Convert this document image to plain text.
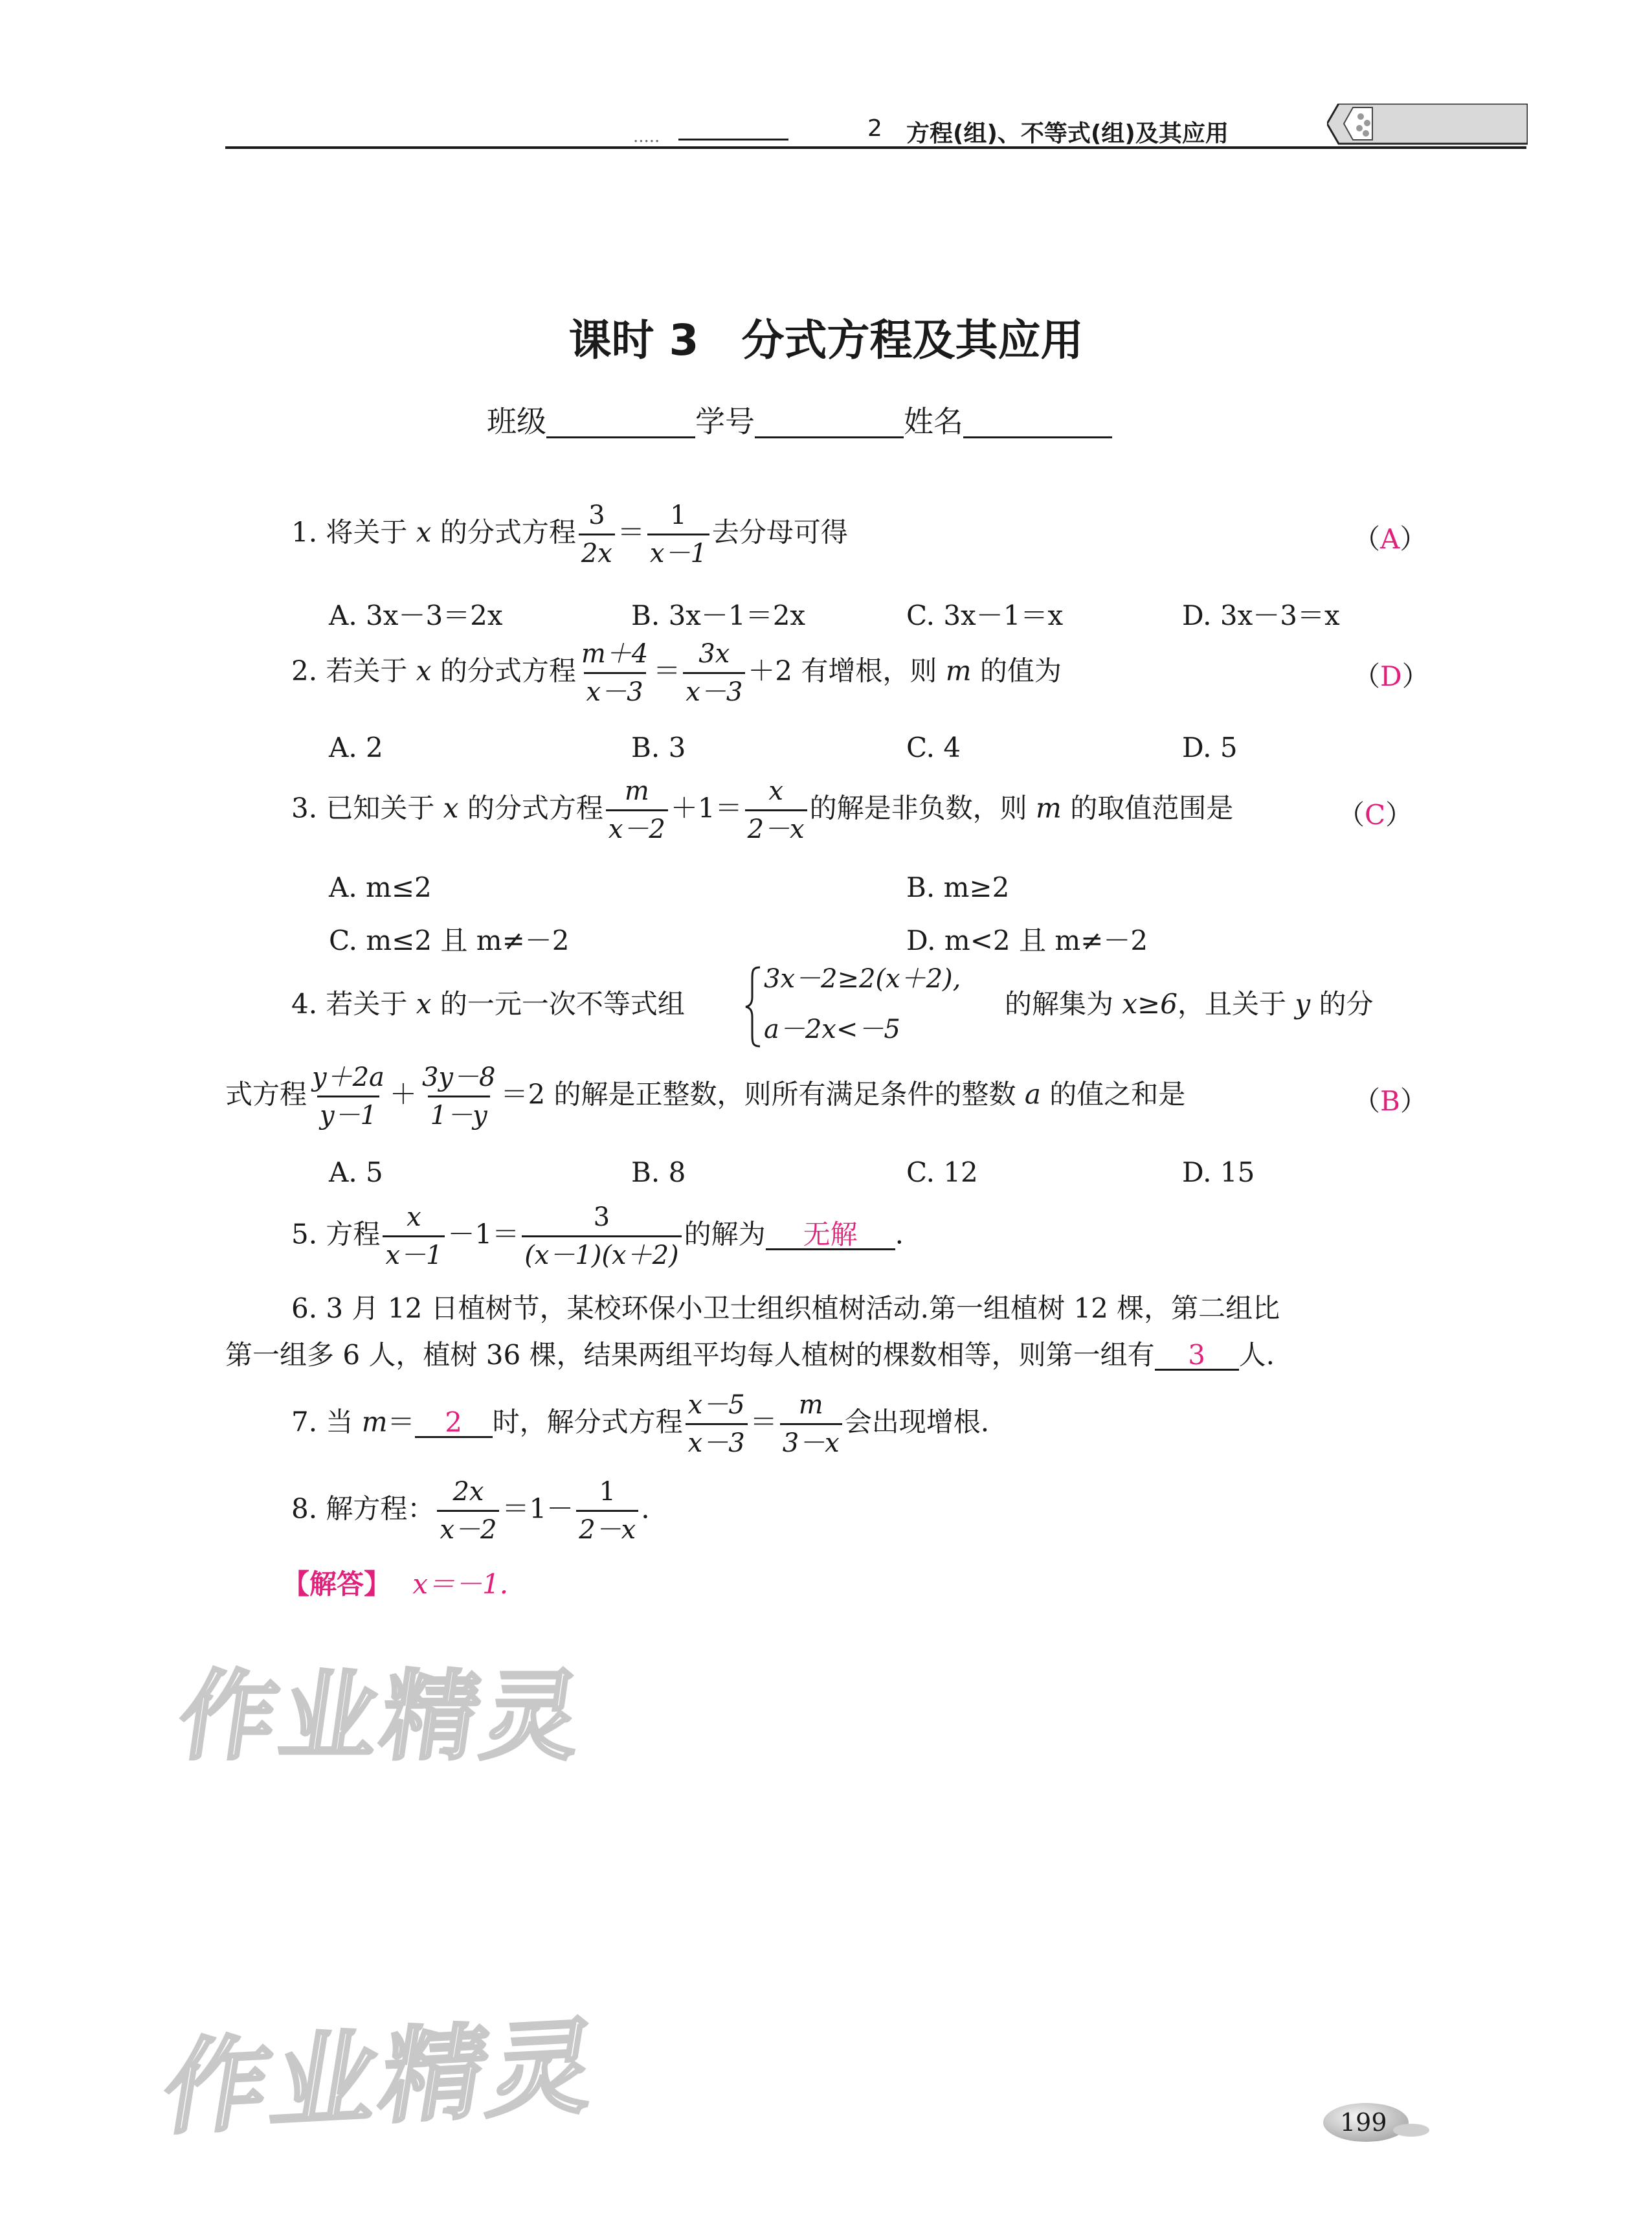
.....	2 方程(组)、不等式(组)及其应用
课时 3　分式方程及其应用
班级	学号	姓名
1. 将关于 x 的分式方程 $\frac{3}{2x} = \frac{1}{x-1}$ 去分母可得	（A）
A. 3x－3＝2x	B. 3x－1＝2x	C. 3x－1＝x	D. 3x－3＝x
2. 若关于 x 的分式方程 $\frac{m+4}{x-3} = \frac{3x}{x-3} +2$ 有增根，则 m 的值为	（D）
A. 2	B. 3	C. 4	D. 5
3. 已知关于 x 的分式方程 $\frac{m}{x-2} +1= \frac{x}{2-x}$ 的解是非负数，则 m 的取值范围是	（C）
A. m≤2	B. m≥2
C. m≤2 且 m≠－2	D. m<2 且 m≠－2
4. 若关于 x 的一元一次不等式组
3x－2≥2(x＋2),
a－2x<－5
的解集为 x≥6，且关于 y 的分
式方程 $\frac{y+2a}{y-1} + \frac{3y-8}{1-y} =2$ 的解是正整数，则所有满足条件的整数 a 的值之和是	（B）
A. 5	B. 8	C. 12	D. 15
5. 方程 $\frac{x}{x-1} -1= \frac{3}{(x-1)(x+2)}$ 的解为 无解 .
6. 3 月 12 日植树节，某校环保小卫士组织植树活动.第一组植树 12 棵，第二组比
第一组多 6 人，植树 36 棵，结果两组平均每人植树的棵数相等，则第一组有 3 人.
7. 当 m＝ 2 时，解分式方程 $\frac{x-5}{x-3} = \frac{m}{3-x}$ 会出现增根.
8. 解方程： $\frac{2x}{x-2} =1- \frac{1}{2-x}$ .
【解答】 x＝－1.
作业精灵
作业精灵	199
